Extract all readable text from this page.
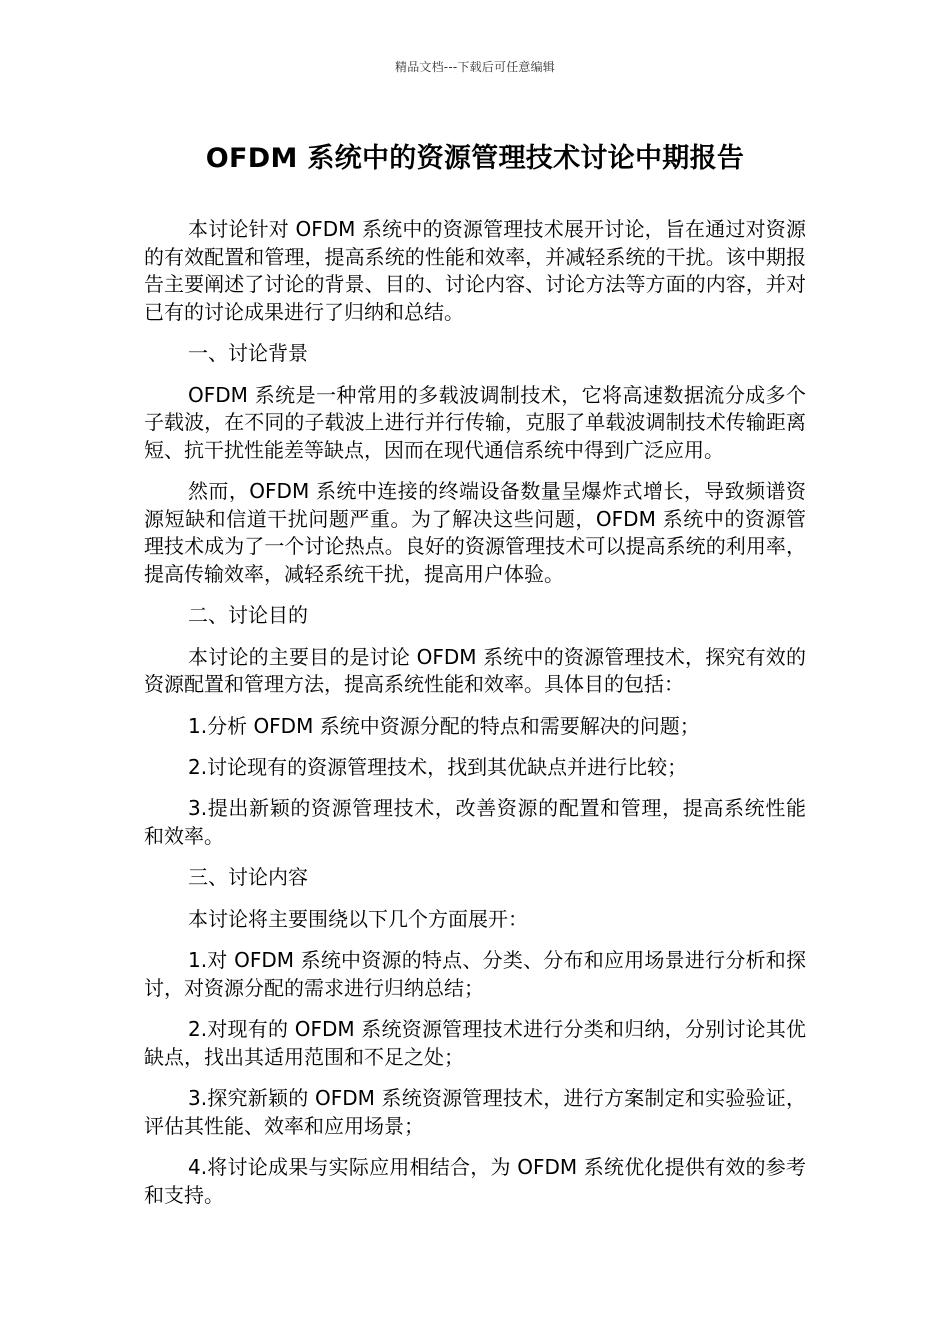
精品文档---下载后可任意编辑
OFDM 系统中的资源管理技术讨论中期报告

本讨论针对 OFDM 系统中的资源管理技术展开讨论，旨在通过对资源的有效配置和管理，提高系统的性能和效率，并减轻系统的干扰。该中期报告主要阐述了讨论的背景、目的、讨论内容、讨论方法等方面的内容，并对已有的讨论成果进行了归纳和总结。

一、讨论背景

OFDM 系统是一种常用的多载波调制技术，它将高速数据流分成多个子载波，在不同的子载波上进行并行传输，克服了单载波调制技术传输距离短、抗干扰性能差等缺点，因而在现代通信系统中得到广泛应用。

然而，OFDM 系统中连接的终端设备数量呈爆炸式增长，导致频谱资源短缺和信道干扰问题严重。为了解决这些问题，OFDM 系统中的资源管理技术成为了一个讨论热点。良好的资源管理技术可以提高系统的利用率，提高传输效率，减轻系统干扰，提高用户体验。

二、讨论目的

本讨论的主要目的是讨论 OFDM 系统中的资源管理技术，探究有效的资源配置和管理方法，提高系统性能和效率。具体目的包括：

1.分析 OFDM 系统中资源分配的特点和需要解决的问题；

2.讨论现有的资源管理技术，找到其优缺点并进行比较；

3.提出新颖的资源管理技术，改善资源的配置和管理，提高系统性能和效率。

三、讨论内容

本讨论将主要围绕以下几个方面展开：

1.对 OFDM 系统中资源的特点、分类、分布和应用场景进行分析和探讨，对资源分配的需求进行归纳总结；

2.对现有的 OFDM 系统资源管理技术进行分类和归纳，分别讨论其优缺点，找出其适用范围和不足之处；

3.探究新颖的 OFDM 系统资源管理技术，进行方案制定和实验验证，评估其性能、效率和应用场景；

4.将讨论成果与实际应用相结合，为 OFDM 系统优化提供有效的参考和支持。
